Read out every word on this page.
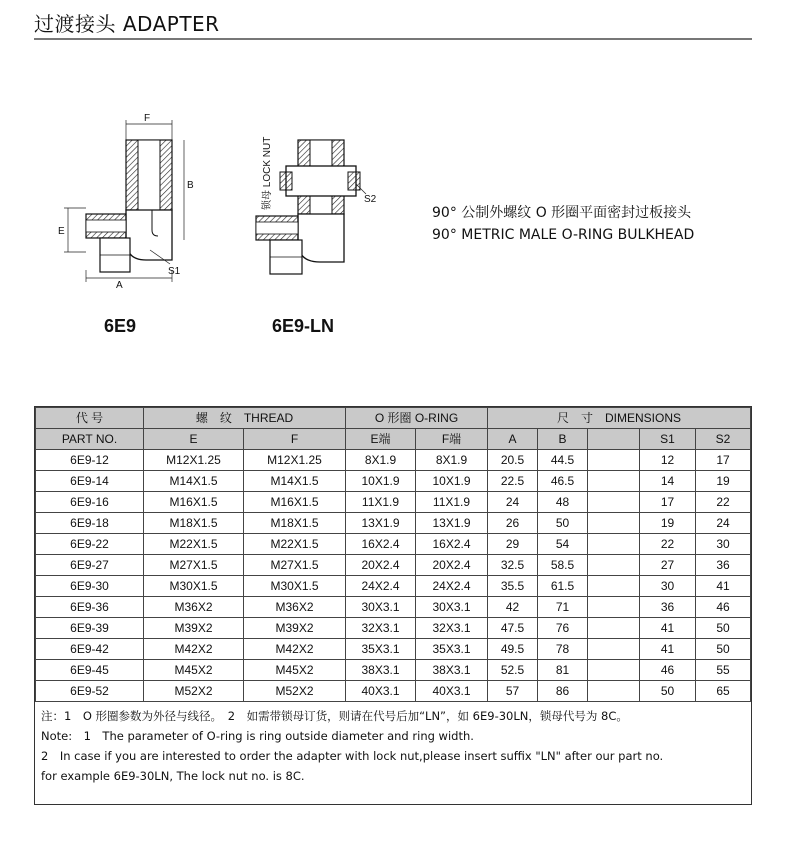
过渡接头 ADAPTER
F
B
E
A
S1
6E9
锁母 LOCK NUT	S2
6E9-LN
90° 公制外螺纹 O 形圈平面密封过板接头
90° METRIC MALE O-RING BULKHEAD
代 号	螺　纹　THREAD		O 形圈 O-RING		尺　寸　DIMENSIONS				
PART NO.	E	F	E端	F端	A	B		S1	S2
6E9-12	M12X1.25	M12X1.25	8X1.9	8X1.9	20.5	44.5		12	17
6E9-14	M14X1.5	M14X1.5	10X1.9	10X1.9	22.5	46.5		14	19
6E9-16	M16X1.5	M16X1.5	11X1.9	11X1.9	24	48		17	22
6E9-18	M18X1.5	M18X1.5	13X1.9	13X1.9	26	50		19	24
6E9-22	M22X1.5	M22X1.5	16X2.4	16X2.4	29	54		22	30
6E9-27	M27X1.5	M27X1.5	20X2.4	20X2.4	32.5	58.5		27	36
6E9-30	M30X1.5	M30X1.5	24X2.4	24X2.4	35.5	61.5		30	41
6E9-36	M36X2	M36X2	30X3.1	30X3.1	42	71		36	46
6E9-39	M39X2	M39X2	32X3.1	32X3.1	47.5	76		41	50
6E9-42	M42X2	M42X2	35X3.1	35X3.1	49.5	78		41	50
6E9-45	M45X2	M45X2	38X3.1	38X3.1	52.5	81		46	55
6E9-52	M52X2	M52X2	40X3.1	40X3.1	57	86		50	65
注：1　O 形圈参数为外径与线径。　2　如需带锁母订货，则请在代号后加“LN”，如 6E9-30LN，锁母代号为 8C。
Note:　1　The parameter of O-ring is ring outside diameter and ring width.
2　In case if you are interested to order the adapter with lock nut,please insert suffix "LN" after our part no.
for example 6E9-30LN, The lock nut no. is 8C.
